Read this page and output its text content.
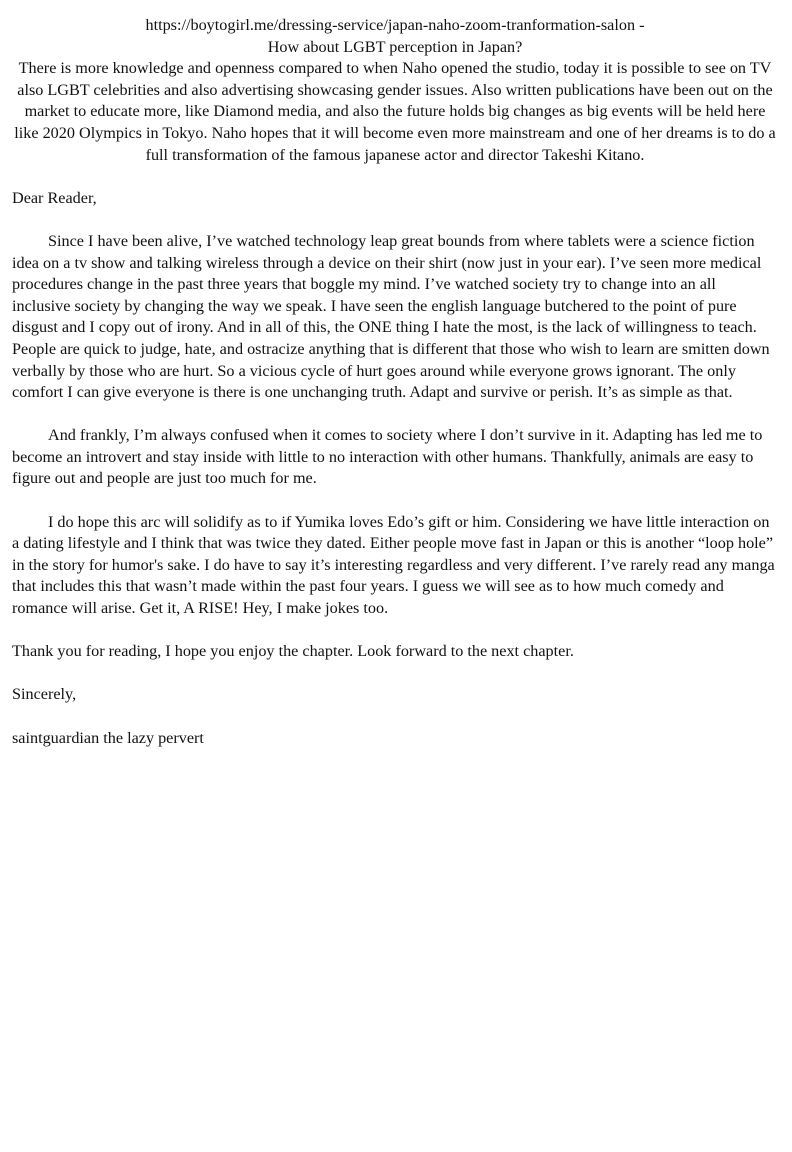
https://boytogirl.me/dressing-service/japan-naho-zoom-tranformation-salon -

How about LGBT perception in Japan?

There is more knowledge and openness compared to when Naho opened the studio, today it is possible to see on TV also LGBT celebrities and also advertising showcasing gender issues. Also written publications have been out on the market to educate more, like Diamond media, and also the future holds big changes as big events will be held here like 2020 Olympics in Tokyo. Naho hopes that it will become even more mainstream and one of her dreams is to do a full transformation of the famous japanese actor and director Takeshi Kitano.

Dear Reader,

Since I have been alive, I’ve watched technology leap great bounds from where tablets were a science fiction idea on a tv show and talking wireless through a device on their shirt (now just in your ear). I’ve seen more medical procedures change in the past three years that boggle my mind. I’ve watched society try to change into an all inclusive society by changing the way we speak. I have seen the english language butchered to the point of pure disgust and I copy out of irony. And in all of this, the ONE thing I hate the most, is the lack of willingness to teach. People are quick to judge, hate, and ostracize anything that is different that those who wish to learn are smitten down verbally by those who are hurt. So a vicious cycle of hurt goes around while everyone grows ignorant. The only comfort I can give everyone is there is one unchanging truth. Adapt and survive or perish. It’s as simple as that.

And frankly, I’m always confused when it comes to society where I don’t survive in it. Adapting has led me to become an introvert and stay inside with little to no interaction with other humans. Thankfully, animals are easy to figure out and people are just too much for me.

I do hope this arc will solidify as to if Yumika loves Edo’s gift or him. Considering we have little interaction on a dating lifestyle and I think that was twice they dated. Either people move fast in Japan or this is another “loop hole” in the story for humor's sake. I do have to say it’s interesting regardless and very different. I’ve rarely read any manga that includes this that wasn’t made within the past four years. I guess we will see as to how much comedy and romance will arise. Get it, A RISE! Hey, I make jokes too.

Thank you for reading, I hope you enjoy the chapter. Look forward to the next chapter.

Sincerely,

saintguardian the lazy pervert
